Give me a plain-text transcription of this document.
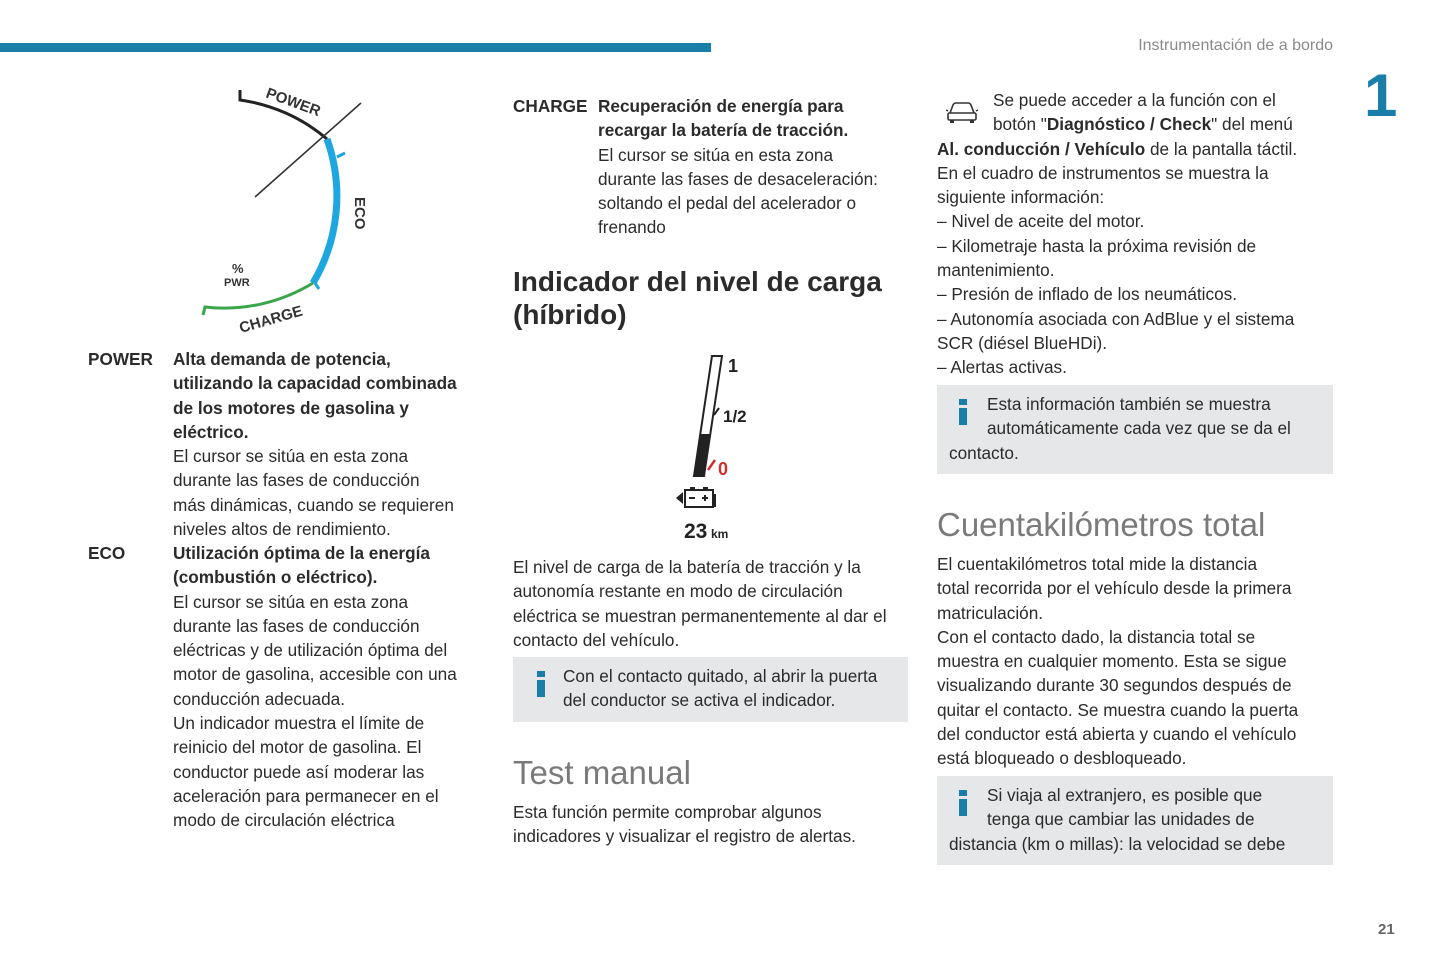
Instrumentación de a bordo
1
21
POWER
ECO
CHARGE
%
PWR
POWER Alta demanda de potencia,
utilizando la capacidad combinada
de los motores de gasolina y
eléctrico.
El cursor se sitúa en esta zona
durante las fases de conducción
más dinámicas, cuando se requieren
niveles altos de rendimiento.
ECO	Utilización óptima de la energía
(combustión o eléctrico).
El cursor se sitúa en esta zona
durante las fases de conducción
eléctricas y de utilización óptima del
motor de gasolina, accesible con una
conducción adecuada.
Un indicador muestra el límite de
reinicio del motor de gasolina. El
conductor puede así moderar las
aceleración para permanecer en el
modo de circulación eléctrica
CHARGE Recuperación de energía para
recargar la batería de tracción.
El cursor se sitúa en esta zona
durante las fases de desaceleración:
soltando el pedal del acelerador o
frenando
Indicador del nivel de carga
(híbrido)
1
1/2
0
23 km
El nivel de carga de la batería de tracción y la
autonomía restante en modo de circulación
eléctrica se muestran permanentemente al dar el
contacto del vehículo.
Con el contacto quitado, al abrir la puerta
del conductor se activa el indicador.
Test manual
Esta función permite comprobar algunos
indicadores y visualizar el registro de alertas.
Se puede acceder a la función con el
botón "Diagnóstico / Check" del menú
Al. conducción / Vehículo de la pantalla táctil.
En el cuadro de instrumentos se muestra la
siguiente información:
– Nivel de aceite del motor.
– Kilometraje hasta la próxima revisión de
mantenimiento.
– Presión de inflado de los neumáticos.
– Autonomía asociada con AdBlue y el sistema
SCR (diésel BlueHDi).
– Alertas activas.
Esta información también se muestra
automáticamente cada vez que se da el
contacto.
Cuentakilómetros total
El cuentakilómetros total mide la distancia
total recorrida por el vehículo desde la primera
matriculación.
Con el contacto dado, la distancia total se
muestra en cualquier momento. Esta se sigue
visualizando durante 30 segundos después de
quitar el contacto. Se muestra cuando la puerta
del conductor está abierta y cuando el vehículo
está bloqueado o desbloqueado.
Si viaja al extranjero, es posible que
tenga que cambiar las unidades de
distancia (km o millas): la velocidad se debe
